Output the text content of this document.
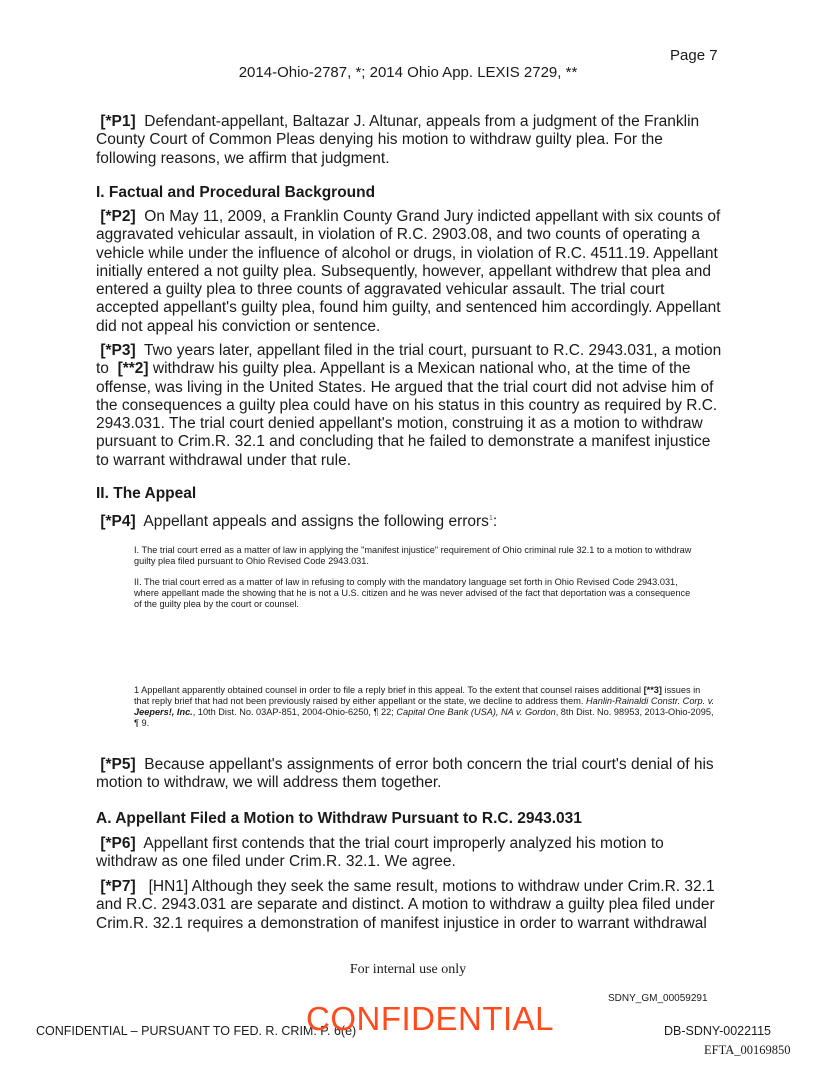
Page 7
2014-Ohio-2787, *; 2014 Ohio App. LEXIS 2729, **
[*P1] Defendant-appellant, Baltazar J. Altunar, appeals from a judgment of the Franklin County Court of Common Pleas denying his motion to withdraw guilty plea. For the following reasons, we affirm that judgment.
I. Factual and Procedural Background
[*P2] On May 11, 2009, a Franklin County Grand Jury indicted appellant with six counts of aggravated vehicular assault, in violation of R.C. 2903.08, and two counts of operating a vehicle while under the influence of alcohol or drugs, in violation of R.C. 4511.19. Appellant initially entered a not guilty plea. Subsequently, however, appellant withdrew that plea and entered a guilty plea to three counts of aggravated vehicular assault. The trial court accepted appellant's guilty plea, found him guilty, and sentenced him accordingly. Appellant did not appeal his conviction or sentence.
[*P3] Two years later, appellant filed in the trial court, pursuant to R.C. 2943.031, a motion to [**2] withdraw his guilty plea. Appellant is a Mexican national who, at the time of the offense, was living in the United States. He argued that the trial court did not advise him of the consequences a guilty plea could have on his status in this country as required by R.C. 2943.031. The trial court denied appellant's motion, construing it as a motion to withdraw pursuant to Crim.R. 32.1 and concluding that he failed to demonstrate a manifest injustice to warrant withdrawal under that rule.
II. The Appeal
[*P4] Appellant appeals and assigns the following errors$^1$:
I. The trial court erred as a matter of law in applying the "manifest injustice" requirement of Ohio criminal rule 32.1 to a motion to withdraw guilty plea filed pursuant to Ohio Revised Code 2943.031.
II. The trial court erred as a matter of law in refusing to comply with the mandatory language set forth in Ohio Revised Code 2943.031, where appellant made the showing that he is not a U.S. citizen and he was never advised of the fact that deportation was a consequence of the guilty plea by the court or counsel.
1 Appellant apparently obtained counsel in order to file a reply brief in this appeal. To the extent that counsel raises additional [**3] issues in that reply brief that had not been previously raised by either appellant or the state, we decline to address them. Hanlin-Rainaldi Constr. Corp. v. Jeepers!, Inc., 10th Dist. No. 03AP-851, 2004-Ohio-6250, ¶ 22; Capital One Bank (USA), NA v. Gordon, 8th Dist. No. 98953, 2013-Ohio-2095, ¶ 9.
[*P5] Because appellant's assignments of error both concern the trial court's denial of his motion to withdraw, we will address them together.
A. Appellant Filed a Motion to Withdraw Pursuant to R.C. 2943.031
[*P6] Appellant first contends that the trial court improperly analyzed his motion to withdraw as one filed under Crim.R. 32.1. We agree.
[*P7] [HN1] Although they seek the same result, motions to withdraw under Crim.R. 32.1 and R.C. 2943.031 are separate and distinct. A motion to withdraw a guilty plea filed under Crim.R. 32.1 requires a demonstration of manifest injustice in order to warrant withdrawal
For internal use only
SDNY_GM_00059291
CONFIDENTIAL – PURSUANT TO FED. R. CRIM. P. 6(e)
CONFIDENTIAL	DB-SDNY-0022115
EFTA_00169850
